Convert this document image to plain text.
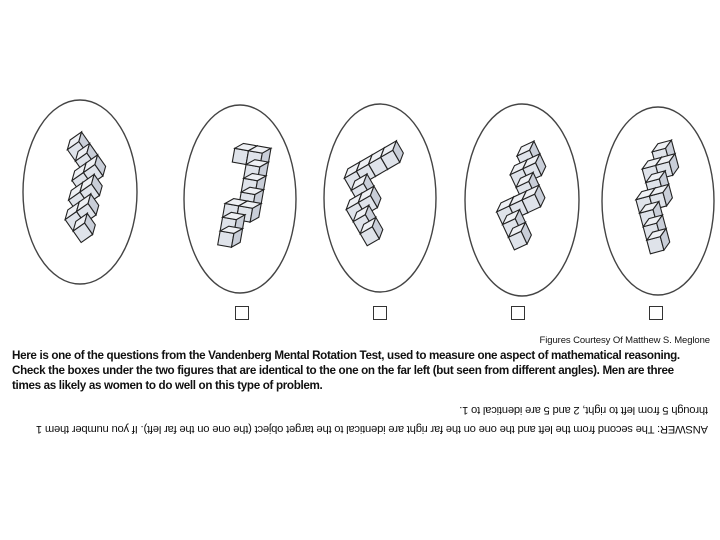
Figures Courtesy Of Matthew S. Meglone
Here is one of the questions from the Vandenberg Mental Rotation Test, used to measure one aspect of mathematical reasoning. Check the boxes under the two figures that are identical to the one on the far left (but seen from different angles). Men are three times as likely as women to do well on this type of problem.

ANSWER: The second from the left and the one on the far right are identical to the target object (the one on the far left). If you number them 1

through 5 from left to right, 2 and 5 are identical to 1.
